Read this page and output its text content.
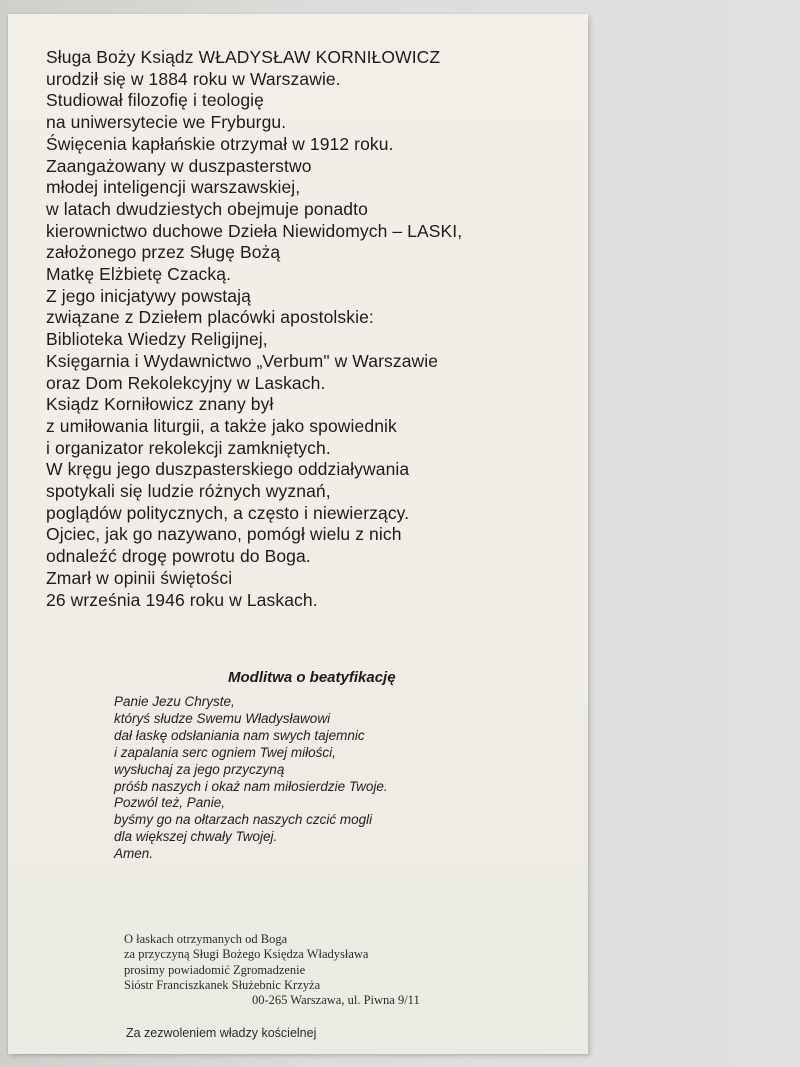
Sługa Boży Ksiądz WŁADYSŁAW KORNIŁOWICZ
urodził się w 1884 roku w Warszawie.
Studiował filozofię i teologię
na uniwersytecie we Fryburgu.
Święcenia kapłańskie otrzymał w 1912 roku.
Zaangażowany w duszpasterstwo
młodej inteligencji warszawskiej,
w latach dwudziestych obejmuje ponadto
kierownictwo duchowe Dzieła Niewidomych – LASKI,
założonego przez Sługę Bożą
Matkę Elżbietę Czacką.
Z jego inicjatywy powstają
związane z Dziełem placówki apostolskie:
Biblioteka Wiedzy Religijnej,
Księgarnia i Wydawnictwo „Verbum" w Warszawie
oraz Dom Rekolekcyjny w Laskach.
Ksiądz Korniłowicz znany był
z umiłowania liturgii, a także jako spowiednik
i organizator rekolekcji zamkniętych.
W kręgu jego duszpasterskiego oddziaływania
spotykali się ludzie różnych wyznań,
poglądów politycznych, a często i niewierzący.
Ojciec, jak go nazywano, pomógł wielu z nich
odnaleźć drogę powrotu do Boga.
Zmarł w opinii świętości
26 września 1946 roku w Laskach.
Modlitwa o beatyfikację
Panie Jezu Chryste,
któryś słudze Swemu Władysławowi
dał łaskę odsłaniania nam swych tajemnic
i zapalania serc ogniem Twej miłości,
wysłuchaj za jego przyczyną
próśb naszych i okaż nam miłosierdzie Twoje.
Pozwól też, Panie,
byśmy go na ołtarzach naszych czcić mogli
dla większej chwały Twojej.
Amen.
O łaskach otrzymanych od Boga
za przyczyną Sługi Bożego Księdza Władysława
prosimy powiadomić Zgromadzenie
Sióstr Franciszkanek Służebnic Krzyża
00-265 Warszawa, ul. Piwna 9/11
Za zezwoleniem władzy kościelnej
